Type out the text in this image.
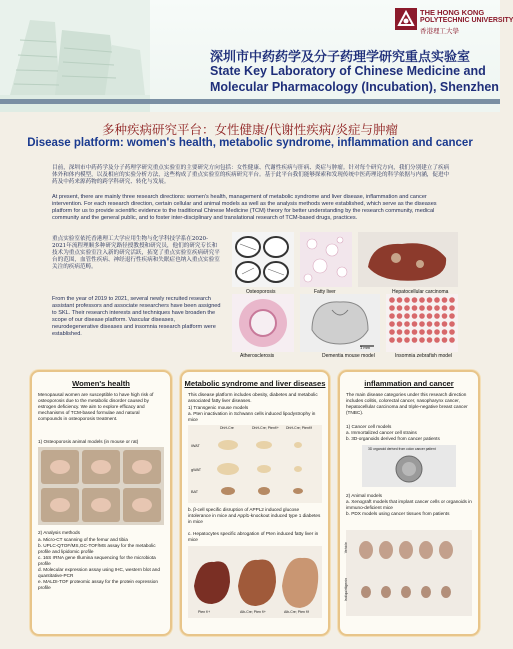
THE HONG KONG
POLYTECHNIC UNIVERSITY
香港理工大學
深圳市中药药学及分子药理学研究重点实验室
State Key Laboratory of Chinese Medicine and
Molecular Pharmacology (Incubation), Shenzhen
多种疾病研究平台：女性健康/代谢性疾病/炎症与肿瘤
Disease platform: women's health, metabolic syndrome, inflammation and cancer
目前，深圳市中药药学及分子药理学研究重点实验室的主要研究方向包括：女性健康、代谢性疾病与肝病、炎症与肿瘤。针对每个研究方向，我们分别建立了疾病体外和体内模型，以及相应的实验分析方法，这些构成了重点实验室的疾病研究平台。基于此平台我们能够探索和发现传统中医药理论的科学依据与内涵，促进中药及中药来源药物的跨学科研究、转化与发展。
At present, there are mainly three research directions: women's health, management of metabolic syndrome and liver disease, inflammation and cancer intervention. For each research direction, certain cellular and animal models as well as the analysis methods were established, which serve as the diseases platform for us to provide scientific evidence to the traditional Chinese Medicine (TCM) theory for better understanding by the research community, medical community and the general public, and to foster inter-disciplinary and translational research of TCM-based drugs, practices.
重点实验室依托香港理工大学应用生物与化学科技学系在2020-2021年流程理顺多种研究路径授教授和研究员，他们的研究专长和技术为重点实验室注入新的研究活跃，拓宽了重点实验室疾病研究平台的范围，血管性疾病、神经退行性疾病和失眠症也纳入重点实验室关注的疾病范畴。
From the year of 2019 to 2021, several newly recruited research assistant professors and associate researchers have been assigned to SKL. Their research interests and techniques have broaden the scope of our disease platform. Vascular diseases, neurodegenerative diseases and insomnia research platform were established.
Osteoporosis	Fatty liver	Hepatocellular carcinoma
Atherosclerosis	Dementia mouse model	Insomnia zebrafish model
1 mm
Women's health
Menopausal women are susceptible to have high risk of osteoporosis due to the metabolic disorder caused by estrogen deficiency. We aim to explore efficacy and mechanisms of TCM-based formulae and natural compounds in osteoporosis treatment.
1) Osteoporosis animal models (in mouse or rat)
2) Analysis methods
a. Micro-CT scanning of the femur and tibia
b. UPLC-QTOF/MS,GC-TOF/MS assay for the metabolic profile and lipidomic profile
c. 16S rRNA gene Illumina sequencing for the microbiota profile
d. Molecular expression assay using IHC, western blot and quantitative-PCR
e. MALDI-TOF proteomic assay for the protein expression profile
Metabolic syndrome and liver diseases
This disease platform includes obesity, diabetes and metabolic associated fatty liver diseases.
1) Transgenic mouse models
a. Pten inactivation in Schwann cells induced lipodystrophy in mice
DhH-Cre	DhH-Cre; Ptenf/+ DhH-Cre; Ptenf/f
iWAT
gWAT
BAT
b. β-cell specific disruption of APPL2 induced glucose intolerance in mice and Appl1-knockout induced type 1 diabetes in mice
c. Hepatocytes specific abrogation of Pten induced fatty liver in mice
Pten f/+	Alb-Cre; Pten f/+	Alb-Cre; Pten f/f
inflammation and cancer
The main disease categories under this research direction includes colitis, colorectal cancer, nasopharynx cancer, hepatocellular carcinoma and triple-negative breast cancer (TNBC).
1) Cancer cell models
a. Immortalized cancer cell strains
b. 3D-organoids derived from cancer patients
3D organoid derived from colon cancer patient
2) Animal models
a. Xenograft models that implant cancer cells or organoids in immuno-deficient mice
b. PDX models using cancer tissues from patients
Vehicle
Isoliquiritigenin
